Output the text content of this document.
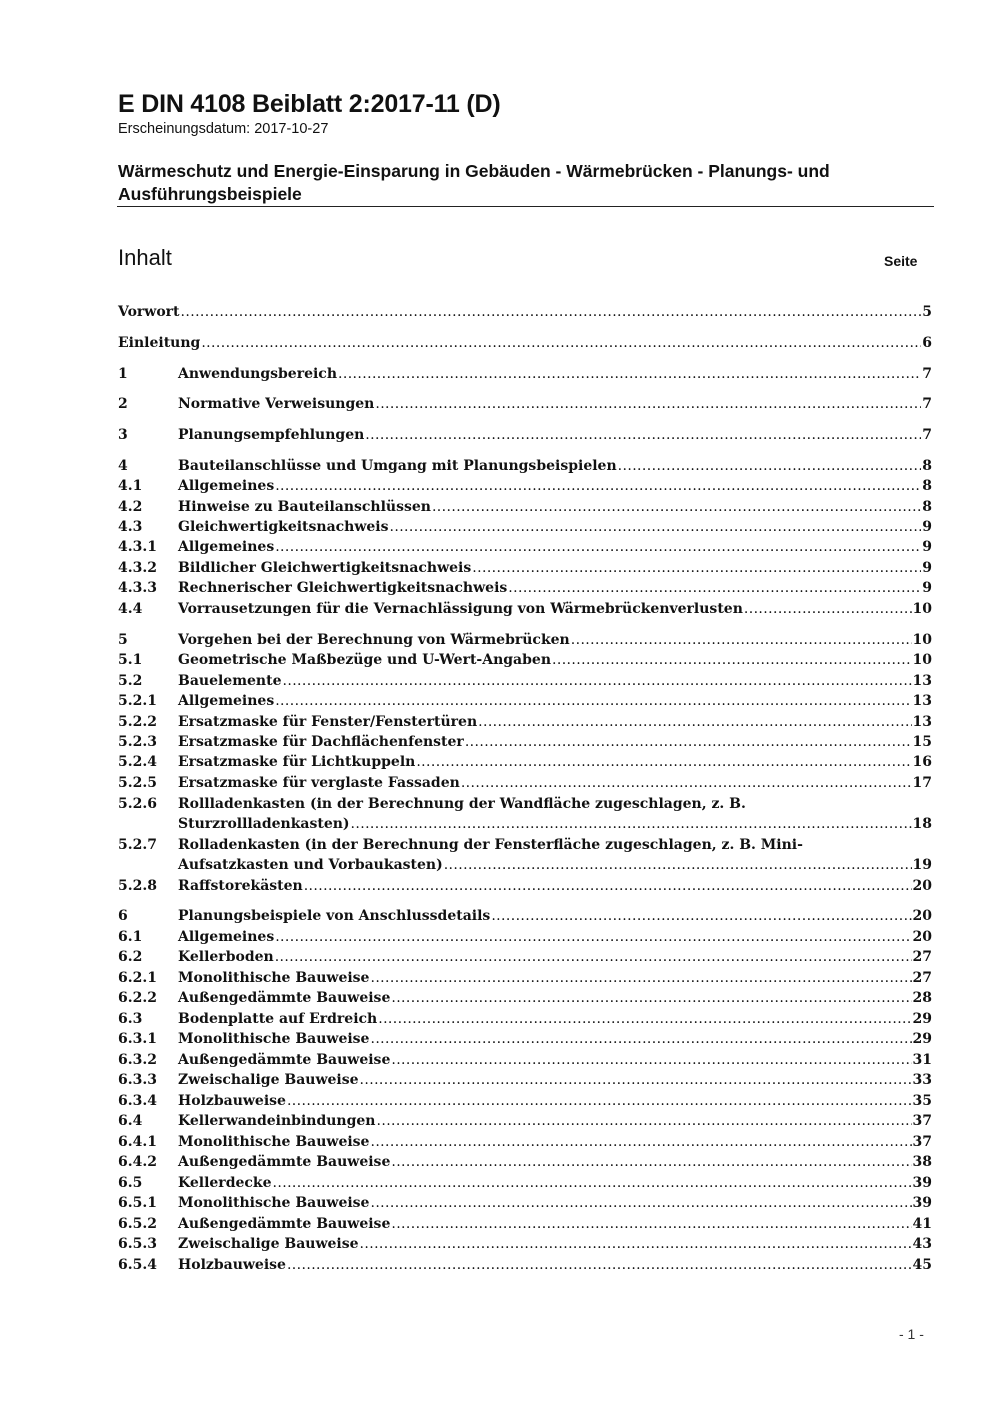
E DIN 4108 Beiblatt 2:2017-11 (D)
Erscheinungsdatum: 2017-10-27
Wärmeschutz und Energie-Einsparung in Gebäuden - Wärmebrücken - Planungs- und Ausführungsbeispiele
Inhalt	Seite
Vorwort .....	5
Einleitung .....	6
1	Anwendungsbereich .....	7
2	Normative Verweisungen .....	7
3	Planungsempfehlungen .....	7
4	Bauteilanschlüsse und Umgang mit Planungsbeispielen .....	8
4.1	Allgemeines .....	8
4.2	Hinweise zu Bauteilanschlüssen .....	8
4.3	Gleichwertigkeitsnachweis .....	9
4.3.1	Allgemeines .....	9
4.3.2	Bildlicher Gleichwertigkeitsnachweis .....	9
4.3.3	Rechnerischer Gleichwertigkeitsnachweis .....	9
4.4	Vorrausetzungen für die Vernachlässigung von Wärmebrückenverlusten .....	10
5	Vorgehen bei der Berechnung von Wärmebrücken .....	10
5.1	Geometrische Maßbezüge und U-Wert-Angaben .....	10
5.2	Bauelemente .....	13
5.2.1	Allgemeines .....	13
5.2.2	Ersatzmaske für Fenster/Fenstertüren .....	13
5.2.3	Ersatzmaske für Dachflächenfenster .....	15
5.2.4	Ersatzmaske für Lichtkuppeln .....	16
5.2.5	Ersatzmaske für verglaste Fassaden .....	17
5.2.6	Rollladenkasten (in der Berechnung der Wandfläche zugeschlagen, z. B.
Sturzrollladenkasten) .....	18
5.2.7	Rolladenkasten (in der Berechnung der Fensterfläche zugeschlagen, z. B. Mini-
Aufsatzkasten und Vorbaukasten) .....	19
5.2.8	Raffstorekästen .....	20
6	Planungsbeispiele von Anschlussdetails .....	20
6.1	Allgemeines .....	20
6.2	Kellerboden .....	27
6.2.1	Monolithische Bauweise .....	27
6.2.2	Außengedämmte Bauweise .....	28
6.3	Bodenplatte auf Erdreich .....	29
6.3.1	Monolithische Bauweise .....	29
6.3.2	Außengedämmte Bauweise .....	31
6.3.3	Zweischalige Bauweise .....	33
6.3.4	Holzbauweise .....	35
6.4	Kellerwandeinbindungen .....	37
6.4.1	Monolithische Bauweise .....	37
6.4.2	Außengedämmte Bauweise .....	38
6.5	Kellerdecke .....	39
6.5.1	Monolithische Bauweise .....	39
6.5.2	Außengedämmte Bauweise .....	41
6.5.3	Zweischalige Bauweise .....	43
6.5.4	Holzbauweise .....	45
- 1 -
